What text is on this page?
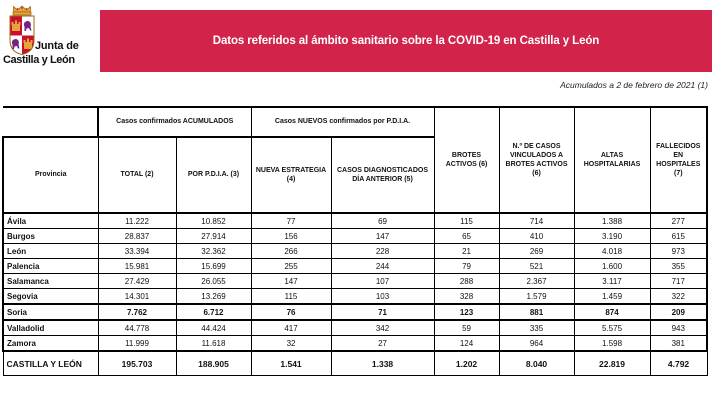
Junta de
Castilla y León
Datos referidos al ámbito sanitario sobre la COVID-19 en Castilla y León
Acumulados a 2 de febrero de 2021 (1)
	Casos confirmados ACUMULADOS		Casos NUEVOS confirmados por P.D.I.A.		BROTES ACTIVOS (6)	N.º DE CASOS VINCULADOS A BROTES ACTIVOS (6)	ALTAS HOSPITALARIAS	FALLECIDOS EN HOSPITALES (7)
Provincia	TOTAL (2)	POR P.D.I.A. (3)	NUEVA ESTRATEGIA (4)	CASOS DIAGNOSTICADOS DÍA ANTERIOR (5)				
Ávila	11.222	10.852	77	69	115	714	1.388	277
Burgos	28.837	27.914	156	147	65	410	3.190	615
León	33.394	32.362	266	228	21	269	4.018	973
Palencia	15.981	15.699	255	244	79	521	1.600	355
Salamanca	27.429	26.055	147	107	288	2.367	3.117	717
Segovia	14.301	13.269	115	103	328	1.579	1.459	322
Soria	7.762	6.712	76	71	123	881	874	209
Valladolid	44.778	44.424	417	342	59	335	5.575	943
Zamora	11.999	11.618	32	27	124	964	1.598	381
CASTILLA Y LEÓN	195.703	188.905	1.541	1.338	1.202	8.040	22.819	4.792
